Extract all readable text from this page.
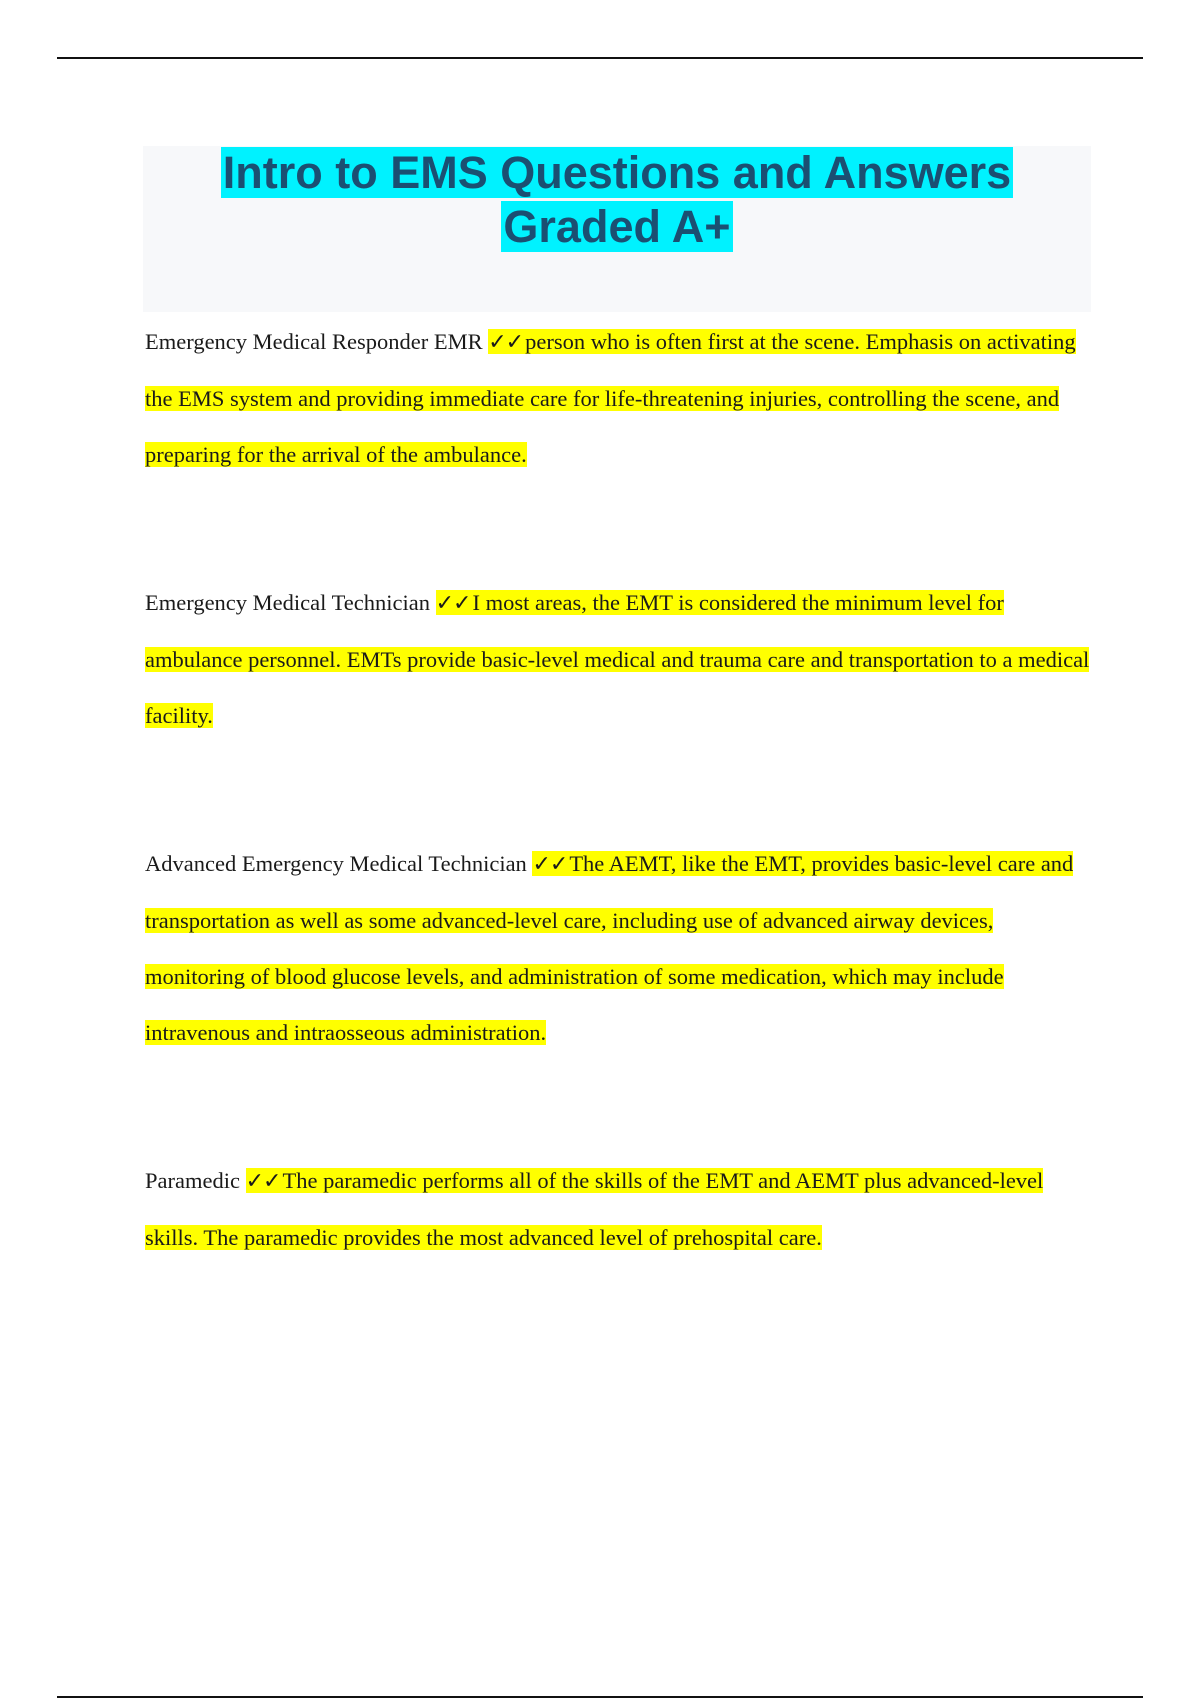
Intro to EMS Questions and Answers Graded A+

Emergency Medical Responder EMR ✓✓person who is often first at the scene. Emphasis on activating the EMS system and providing immediate care for life-threatening injuries, controlling the scene, and preparing for the arrival of the ambulance.

Emergency Medical Technician ✓✓I most areas, the EMT is considered the minimum level for ambulance personnel. EMTs provide basic-level medical and trauma care and transportation to a medical facility.

Advanced Emergency Medical Technician ✓✓The AEMT, like the EMT, provides basic-level care and transportation as well as some advanced-level care, including use of advanced airway devices, monitoring of blood glucose levels, and administration of some medication, which may include intravenous and intraosseous administration.

Paramedic ✓✓The paramedic performs all of the skills of the EMT and AEMT plus advanced-level skills. The paramedic provides the most advanced level of prehospital care.
